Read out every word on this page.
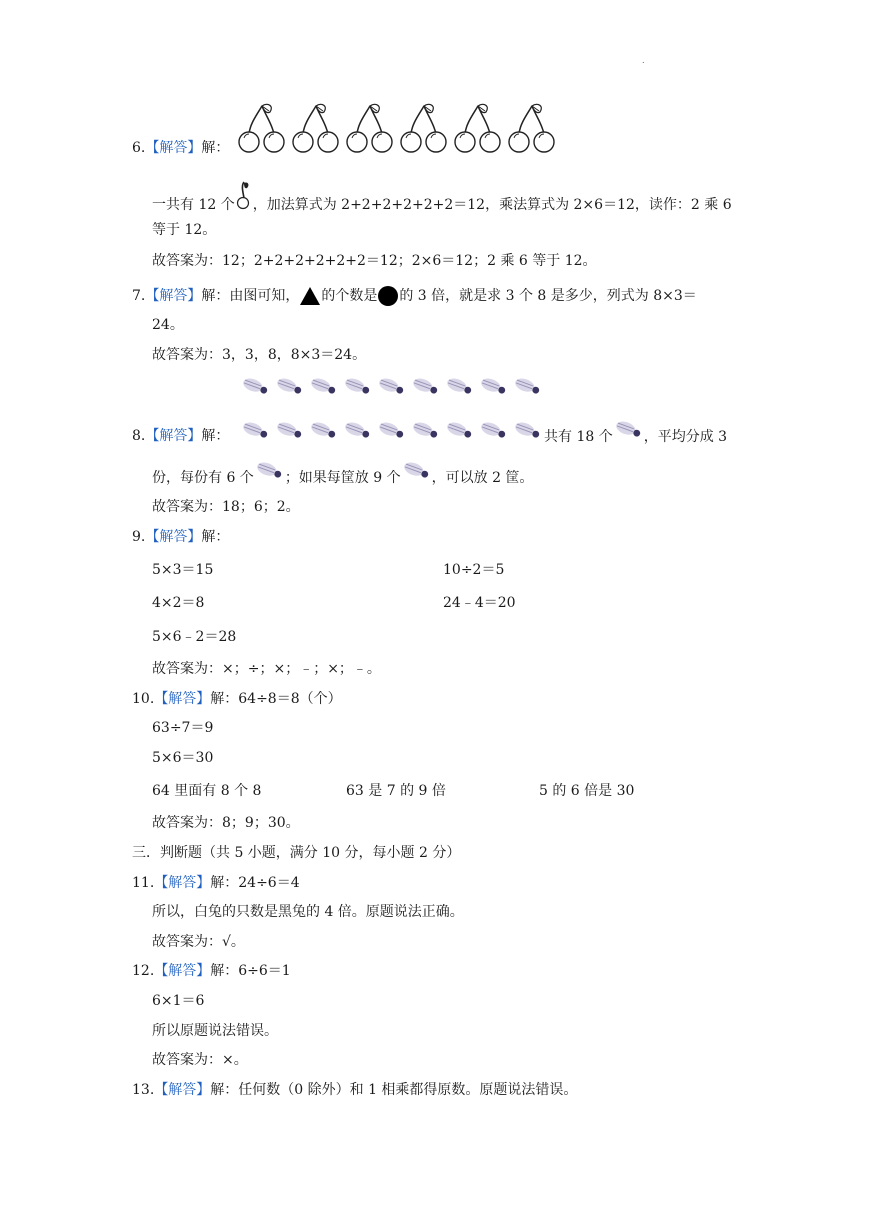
.
6.【解答】解：
一共有 12 个 ，加法算式为 2+2+2+2+2+2＝12，乘法算式为 2×6＝12，读作：2 乘 6
等于 12。
故答案为：12；2+2+2+2+2+2＝12；2×6＝12；2 乘 6 等于 12。
7.【解答】解：由图可知， 的个数是 的 3 倍，就是求 3 个 8 是多少，列式为 8×3＝
24。
故答案为：3，3，8，8×3＝24。
8.【解答】解：	共有 18 个 ，平均分成 3
份，每份有 6 个 ；如果每筐放 9 个 ，可以放 2 筐。
故答案为：18；6；2。
9.【解答】解：
5×3＝15	10÷2＝5
4×2＝8	24﹣4＝20
5×6﹣2＝28
故答案为：×；÷；×；﹣；×；﹣。
10.【解答】解：64÷8＝8（个）
63÷7＝9
5×6＝30
64 里面有 8 个 8	63 是 7 的 9 倍	5 的 6 倍是 30
故答案为：8；9；30。
三．判断题（共 5 小题，满分 10 分，每小题 2 分）
11.【解答】解：24÷6＝4
所以，白兔的只数是黑兔的 4 倍。原题说法正确。
故答案为：√。
12.【解答】解：6÷6＝1
6×1＝6
所以原题说法错误。
故答案为：×。
13.【解答】解：任何数（0 除外）和 1 相乘都得原数。原题说法错误。
